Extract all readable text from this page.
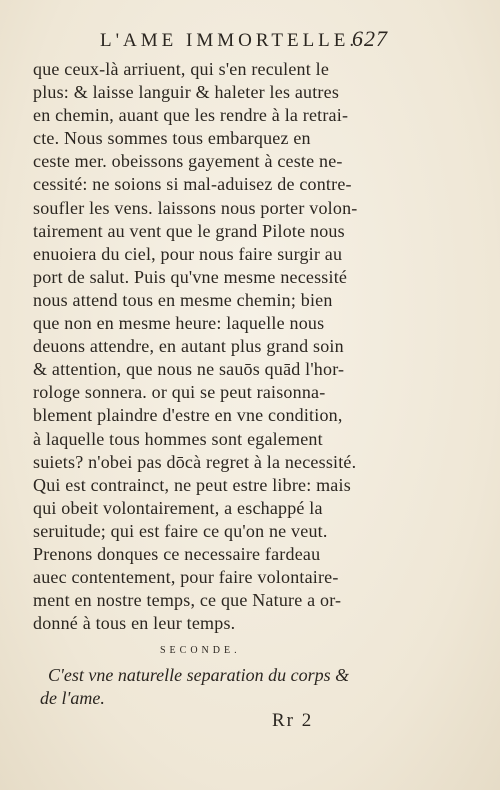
L'AME IMMORTELLE.
627
que ceux-là arriuent, qui s'en reculent le
plus: & laisse languir & haleter les autres
en chemin, auant que les rendre à la retrai-
cte. Nous sommes tous embarquez en
ceste mer. obeissons gayement à ceste ne-
cessité: ne soions si mal-aduisez de contre-
soufler les vens. laissons nous porter volon-
tairement au vent que le grand Pilote nous
enuoiera du ciel, pour nous faire surgir au
port de salut. Puis qu'vne mesme necessité
nous attend tous en mesme chemin; bien
que non en mesme heure: laquelle nous
deuons attendre, en autant plus grand soin
& attention, que nous ne sauōs quād l'hor-
rologe sonnera. or qui se peut raisonna-
blement plaindre d'estre en vne condition,
à laquelle tous hommes sont egalement
suiets? n'obei pas dōcà regret à la necessité.
Qui est contrainct, ne peut estre libre: mais
qui obeit volontairement, a eschappé la
seruitude; qui est faire ce qu'on ne veut.
Prenons donques ce necessaire fardeau
auec contentement, pour faire volontaire-
ment en nostre temps, ce que Nature a or-
donné à tous en leur temps.
SECONDE.
C'est vne naturelle separation du corps &
de l'ame.
Rr 2
